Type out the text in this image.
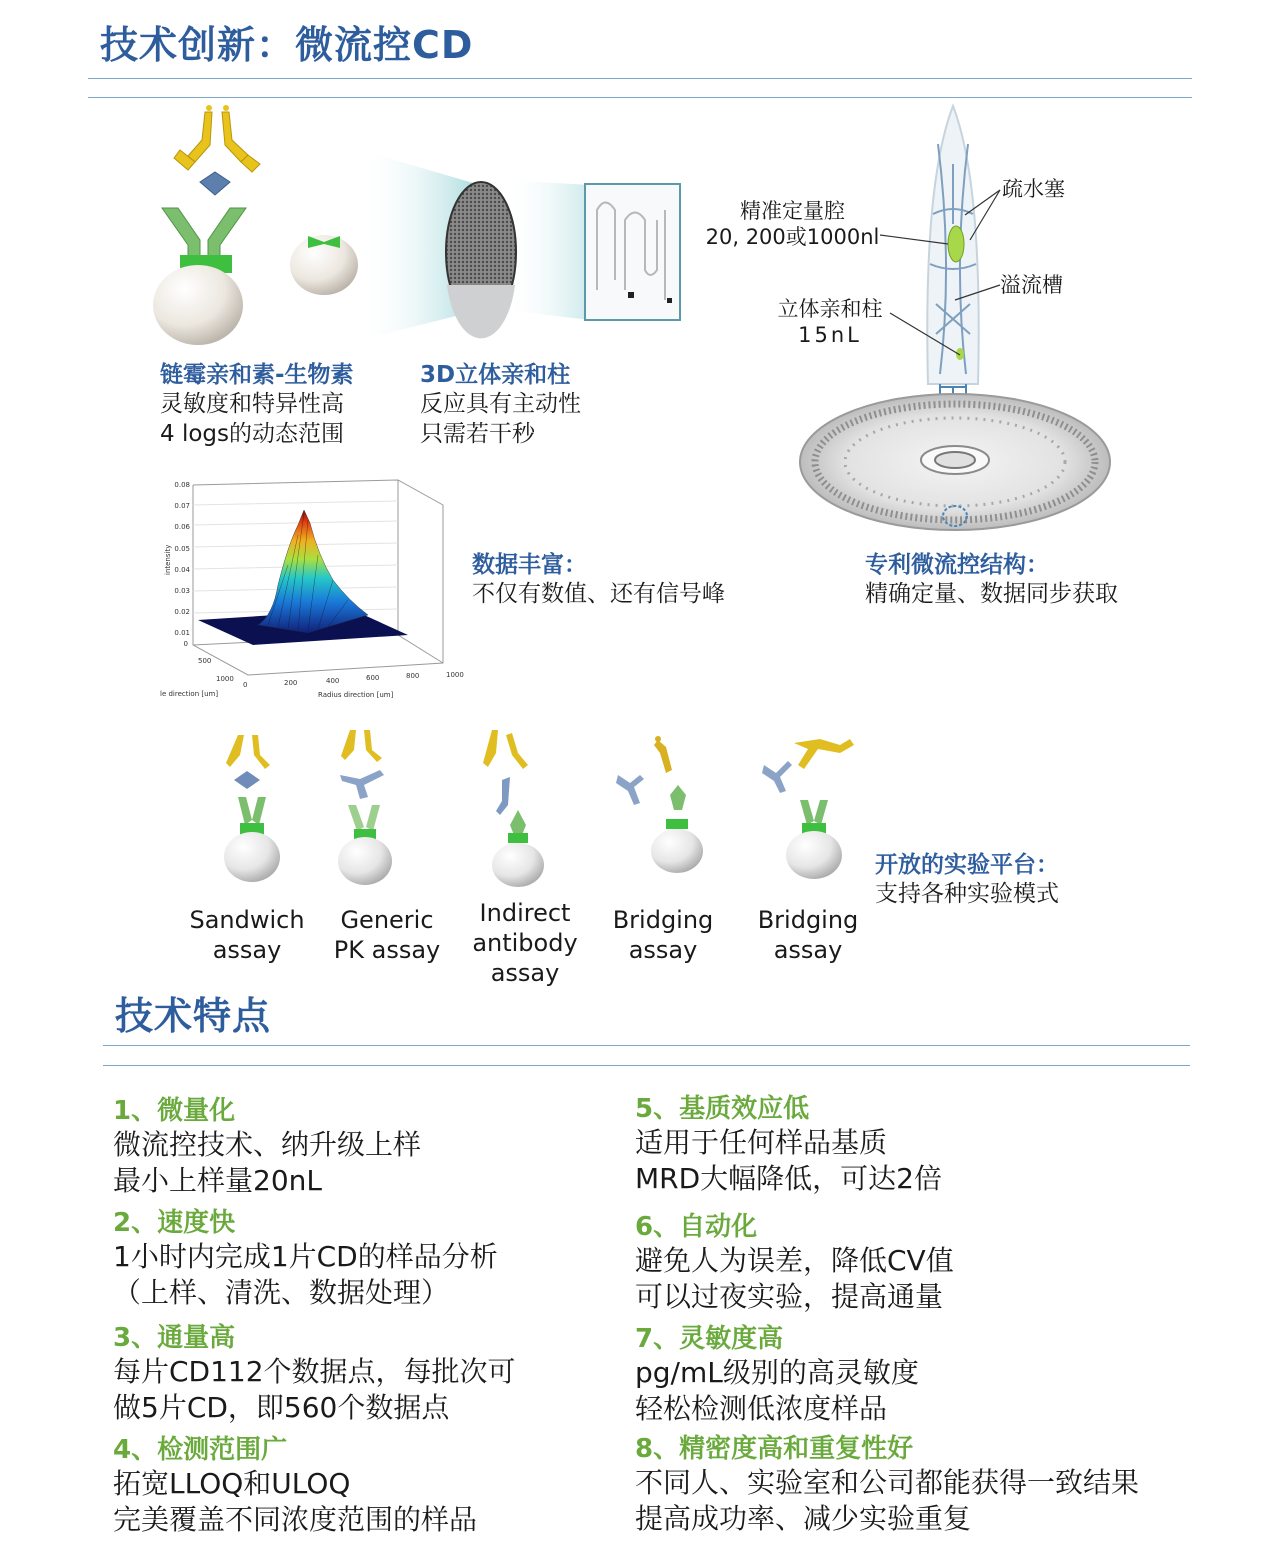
技术创新：微流控CD
精准定量腔
20, 200或1000nl
疏水塞
溢流槽
立体亲和柱
15nL
链霉亲和素-生物素
灵敏度和特异性高
4 logs的动态范围
3D立体亲和柱
反应具有主动性
只需若干秒
0.08
0.07
0.06
0.05
0.04
0.03
0.02
0.01
0
intensity
0	200	400	600	800	1000
1000
500
Radius direction [um]
le direction [um]
数据丰富：
不仅有数值、还有信号峰
专利微流控结构：
精确定量、数据同步获取
Sandwich
assay
Generic
PK assay
Indirect
antibody
assay
Bridging
assay
Bridging
assay
开放的实验平台：
支持各种实验模式
技术特点
1、微量化
微流控技术、纳升级上样
最小上样量20nL
2、速度快
1小时内完成1片CD的样品分析
（上样、清洗、数据处理）
3、通量高
每片CD112个数据点，每批次可
做5片CD，即560个数据点
4、检测范围广
拓宽LLOQ和ULOQ
完美覆盖不同浓度范围的样品
5、基质效应低
适用于任何样品基质
MRD大幅降低，可达2倍
6、自动化
避免人为误差，降低CV值
可以过夜实验，提高通量
7、灵敏度高
pg/mL级别的高灵敏度
轻松检测低浓度样品
8、精密度高和重复性好
不同人、实验室和公司都能获得一致结果
提高成功率、减少实验重复
